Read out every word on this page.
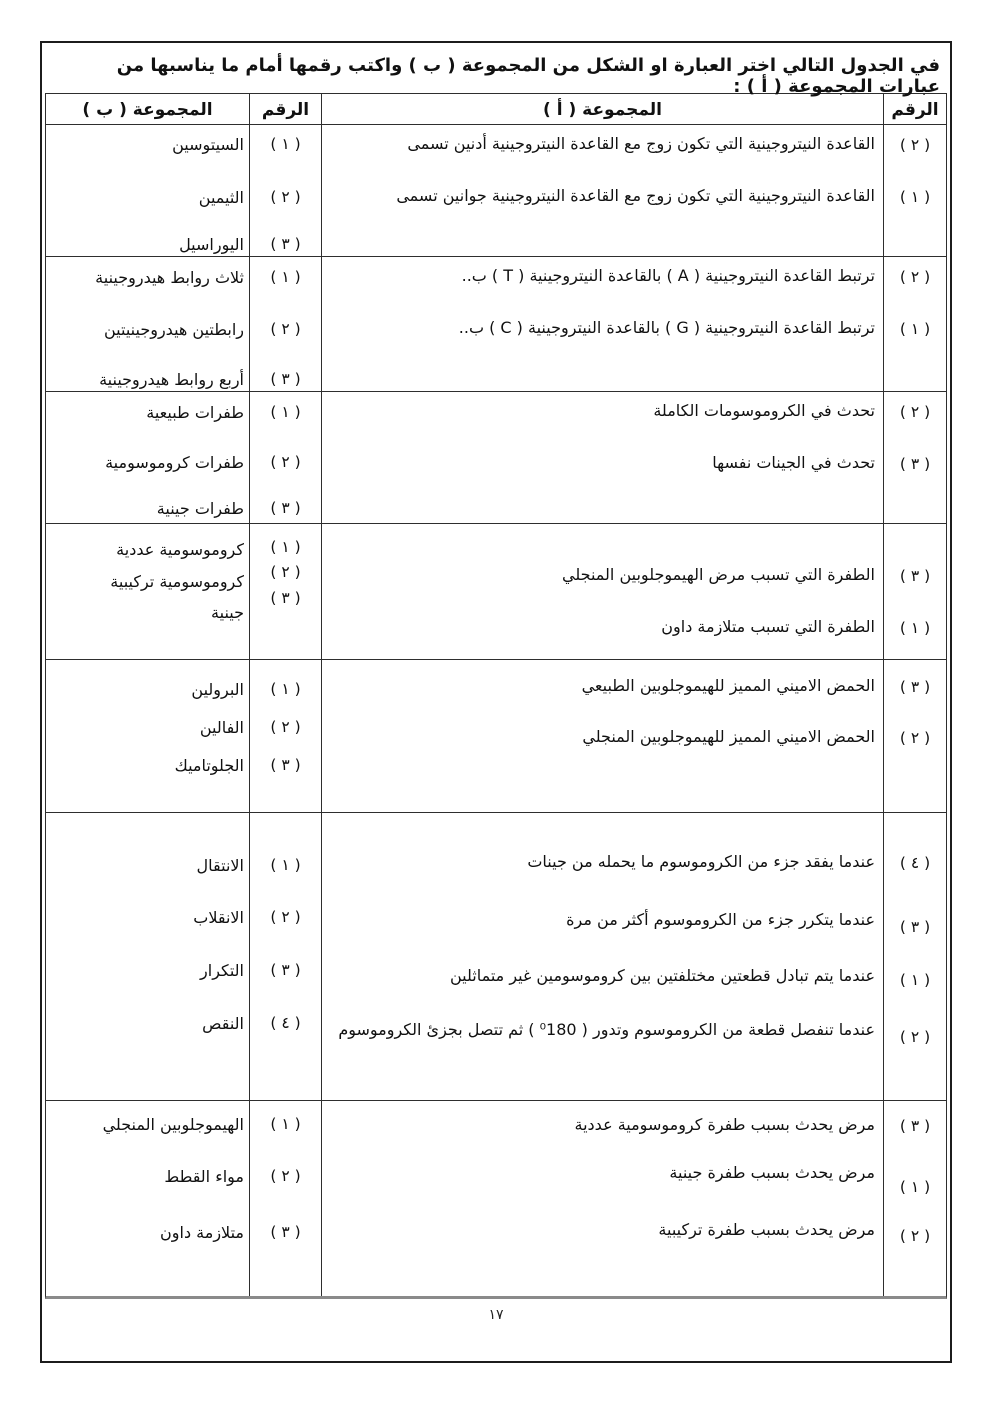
في الجدول التالي اختر العبارة او الشكل من المجموعة ( ب ) واكتب رقمها أمام ما يناسبها من عبارات المجموعة ( أ ) :
الرقم
المجموعة ( أ )
الرقم
المجموعة ( ب )
( ٢ )
( ١ )
القاعدة النيتروجينية التي تكون زوج مع القاعدة النيتروجينية أدنين تسمى
القاعدة النيتروجينية التي تكون زوج مع القاعدة النيتروجينية جوانين تسمى
( ١ )
( ٢ )
( ٣ )
السيتوسين
الثيمين
اليوراسيل
( ٢ )
( ١ )
ترتبط القاعدة النيتروجينية ( A ) بالقاعدة النيتروجينية ( T ) ب..
ترتبط القاعدة النيتروجينية ( G ) بالقاعدة النيتروجينية ( C ) ب..
( ١ )
( ٢ )
( ٣ )
ثلاث روابط هيدروجينية
رابطتين هيدروجينيتين
أربع روابط هيدروجينية
( ٢ )
( ٣ )
تحدث في الكروموسومات الكاملة
تحدث في الجينات نفسها
( ١ )
( ٢ )
( ٣ )
طفرات طبيعية
طفرات كروموسومية
طفرات جينية
( ٣ )
( ١ )
الطفرة التي تسبب مرض الهيموجلوبين المنجلي
الطفرة التي تسبب متلازمة داون
( ١ )
( ٢ )
( ٣ )
كروموسومية عددية
كروموسومية تركيبية
جينية
( ٣ )
( ٢ )
الحمض الاميني المميز للهيموجلوبين الطبيعي
الحمض الاميني المميز للهيموجلوبين المنجلي
( ١ )
( ٢ )
( ٣ )
البرولين
الفالين
الجلوتاميك
( ٤ )
( ٣ )
( ١ )
( ٢ )
عندما يفقد جزء من الكروموسوم ما يحمله من جينات
عندما يتكرر جزء من الكروموسوم أكثر من مرة
عندما يتم تبادل قطعتين مختلفتين بين كروموسومين غير متماثلين
عندما تنفصل قطعة من الكروموسوم وتدور ( ⁰180 ) ثم تتصل بجزئ الكروموسوم
( ١ )
( ٢ )
( ٣ )
( ٤ )
الانتقال
الانقلاب
التكرار
النقص
( ٣ )
( ١ )
( ٢ )
مرض يحدث بسبب طفرة كروموسومية عددية
مرض يحدث بسبب طفرة جينية
مرض يحدث بسبب طفرة تركيبية
( ١ )
( ٢ )
( ٣ )
الهيموجلوبين المنجلي
مواء القطط
متلازمة داون
١٧
